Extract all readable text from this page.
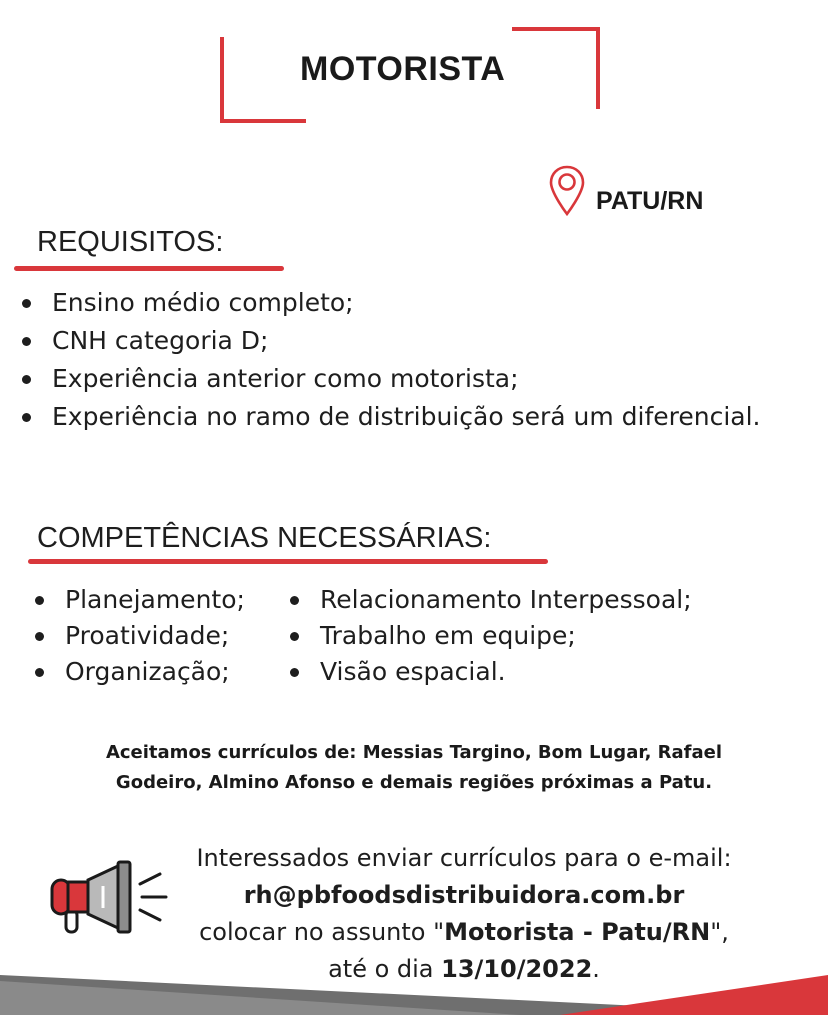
MOTORISTA
PATU/RN
REQUISITOS:
Ensino médio completo;
CNH categoria D;
Experiência anterior como motorista;
Experiência no ramo de distribuição será um diferencial.
COMPETÊNCIAS NECESSÁRIAS:
Planejamento;
Proatividade;
Organização;
Relacionamento Interpessoal;
Trabalho em equipe;
Visão espacial.
Aceitamos currículos de: Messias Targino, Bom Lugar, Rafael
Godeiro, Almino Afonso e demais regiões próximas a Patu.
Interessados enviar currículos para o e-mail:
rh@pbfoodsdistribuidora.com.br
colocar no assunto "Motorista - Patu/RN",
até o dia 13/10/2022.
